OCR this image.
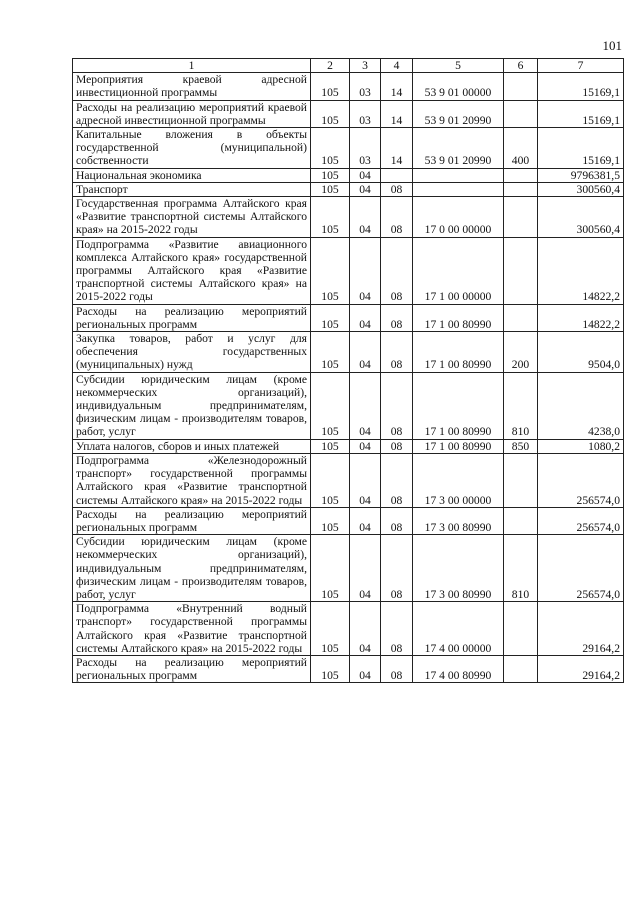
101
1	2	3	4	5	6	7
Мероприятия краевой адресной инвестиционной программы	105	03	14	53 9 01 00000		15169,1
Расходы на реализацию мероприятий краевой адресной инвестиционной программы	105	03	14	53 9 01 20990		15169,1
Капитальные вложения в объекты государственной (муниципальной) собственности	105	03	14	53 9 01 20990	400	15169,1
Национальная экономика	105	04				9796381,5
Транспорт	105	04	08			300560,4
Государственная программа Алтайского края «Развитие транспортной системы Алтайского края» на 2015-2022 годы	105	04	08	17 0 00 00000		300560,4
Подпрограмма «Развитие авиационного комплекса Алтайского края» государственной программы Алтайского края «Развитие транспортной системы Алтайского края» на 2015-2022 годы	105	04	08	17 1 00 00000		14822,2
Расходы на реализацию мероприятий региональных программ	105	04	08	17 1 00 80990		14822,2
Закупка товаров, работ и услуг для обеспечения государственных (муниципальных) нужд	105	04	08	17 1 00 80990	200	9504,0
Субсидии юридическим лицам (кроме некоммерческих организаций), индивидуальным предпринимателям, физическим лицам - производителям товаров, работ, услуг	105	04	08	17 1 00 80990	810	4238,0
Уплата налогов, сборов и иных платежей	105	04	08	17 1 00 80990	850	1080,2
Подпрограмма «Железнодорожный транспорт» государственной программы Алтайского края «Развитие транспортной системы Алтайского края» на 2015-2022 годы	105	04	08	17 3 00 00000		256574,0
Расходы на реализацию мероприятий региональных программ	105	04	08	17 3 00 80990		256574,0
Субсидии юридическим лицам (кроме некоммерческих организаций), индивидуальным предпринимателям, физическим лицам - производителям товаров, работ, услуг	105	04	08	17 3 00 80990	810	256574,0
Подпрограмма «Внутренний водный транспорт» государственной программы Алтайского края «Развитие транспортной системы Алтайского края» на 2015-2022 годы	105	04	08	17 4 00 00000		29164,2
Расходы на реализацию мероприятий региональных программ	105	04	08	17 4 00 80990		29164,2
